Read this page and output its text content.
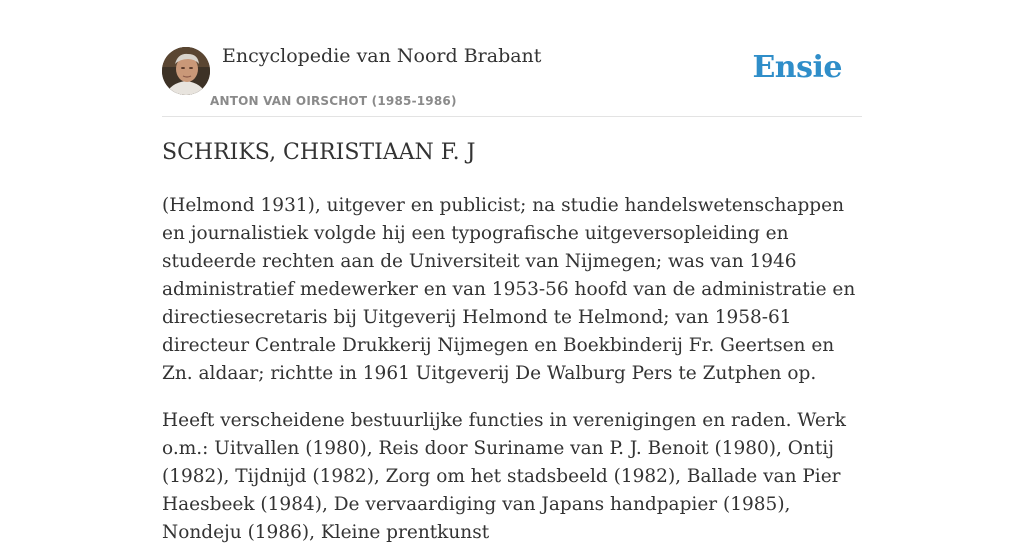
Encyclopedie van Noord Brabant
ANTON VAN OIRSCHOT (1985-1986)
Ensie
SCHRIKS, CHRISTIAAN F. J

(Helmond 1931), uitgever en publicist; na studie handelswetenschappen en journalistiek volgde hij een typografische uitgeversopleiding en studeerde rechten aan de Universiteit van Nijmegen; was van 1946 administratief medewerker en van 1953-56 hoofd van de administratie en directiesecretaris bij Uitgeverij Helmond te Helmond; van 1958-61 directeur Centrale Drukkerij Nijmegen en Boekbinderij Fr. Geertsen en Zn. aldaar; richtte in 1961 Uitgeverij De Walburg Pers te Zutphen op.

Heeft verscheidene bestuurlijke functies in verenigingen en raden. Werk o.m.: Uitvallen (1980), Reis door Suriname van P. J. Benoit (1980), Ontij (1982), Tijdnijd (1982), Zorg om het stadsbeeld (1982), Ballade van Pier Haesbeek (1984), De vervaardiging van Japans handpapier (1985), Nondeju (1986), Kleine prentkunst
